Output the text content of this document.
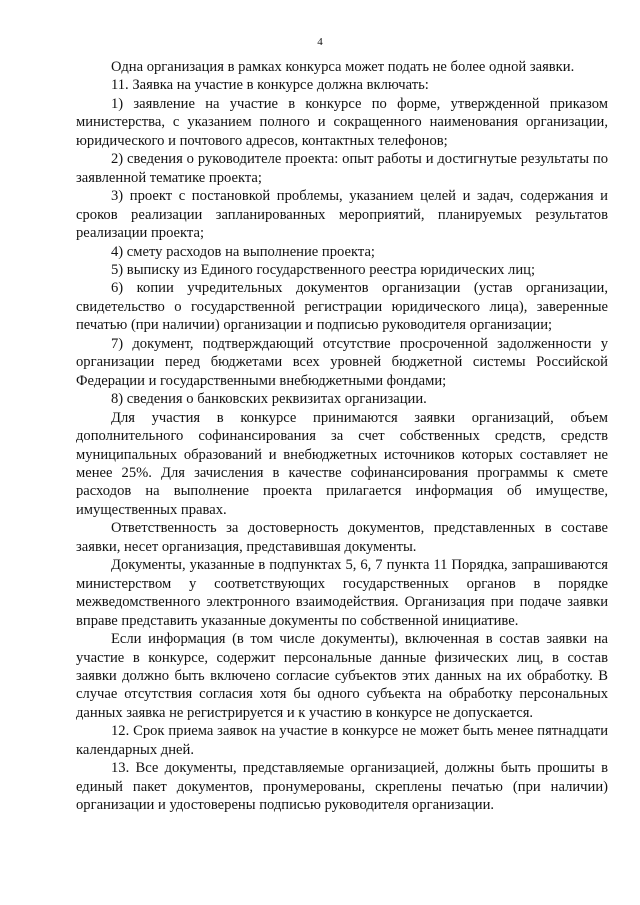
4

Одна организация в рамках конкурса может подать не более одной заявки.

11. Заявка на участие в конкурсе должна включать:

1) заявление на участие в конкурсе по форме, утвержденной приказом министерства, с указанием полного и сокращенного наименования организации, юридического и почтового адресов, контактных телефонов;

2) сведения о руководителе проекта: опыт работы и достигнутые результаты по заявленной тематике проекта;

3) проект с постановкой проблемы, указанием целей и задач, содержания и сроков реализации запланированных мероприятий, планируемых результатов реализации проекта;

4) смету расходов на выполнение проекта;

5) выписку из Единого государственного реестра юридических лиц;

6) копии учредительных документов организации (устав организации, свидетельство о государственной регистрации юридического лица), заверенные печатью (при наличии) организации и подписью руководителя организации;

7) документ, подтверждающий отсутствие просроченной задолженности у организации перед бюджетами всех уровней бюджетной системы Российской Федерации и государственными внебюджетными фондами;

8) сведения о банковских реквизитах организации.

Для участия в конкурсе принимаются заявки организаций, объем дополнительного софинансирования за счет собственных средств, средств муниципальных образований и внебюджетных источников которых составляет не менее 25%. Для зачисления в качестве софинансирования программы к смете расходов на выполнение проекта прилагается информация об имуществе, имущественных правах.

Ответственность за достоверность документов, представленных в составе заявки, несет организация, представившая документы.

Документы, указанные в подпунктах 5, 6, 7 пункта 11 Порядка, запрашиваются министерством у соответствующих государственных органов в порядке межведомственного электронного взаимодействия. Организация при подаче заявки вправе представить указанные документы по собственной инициативе.

Если информация (в том числе документы), включенная в состав заявки на участие в конкурсе, содержит персональные данные физических лиц, в состав заявки должно быть включено согласие субъектов этих данных на их обработку. В случае отсутствия согласия хотя бы одного субъекта на обработку персональных данных заявка не регистрируется и к участию в конкурсе не допускается.

12. Срок приема заявок на участие в конкурсе не может быть менее пятнадцати календарных дней.

13. Все документы, представляемые организацией, должны быть прошиты в единый пакет документов, пронумерованы, скреплены печатью (при наличии) организации и удостоверены подписью руководителя организации.
